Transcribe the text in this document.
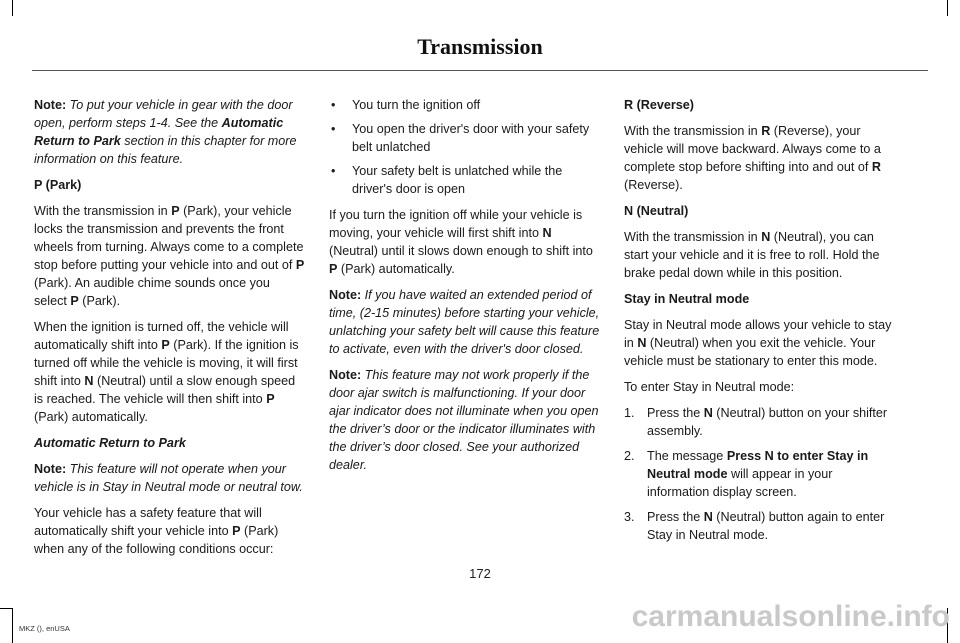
Transmission

Note: To put your vehicle in gear with the door open, perform steps 1-4. See the Automatic Return to Park section in this chapter for more information on this feature.

P (Park)

With the transmission in P (Park), your vehicle locks the transmission and prevents the front wheels from turning. Always come to a complete stop before putting your vehicle into and out of P (Park). An audible chime sounds once you select P (Park).

When the ignition is turned off, the vehicle will automatically shift into P (Park). If the ignition is turned off while the vehicle is moving, it will first shift into N (Neutral) until a slow enough speed is reached. The vehicle will then shift into P (Park) automatically.

Automatic Return to Park

Note: This feature will not operate when your vehicle is in Stay in Neutral mode or neutral tow.

Your vehicle has a safety feature that will automatically shift your vehicle into P (Park) when any of the following conditions occur:

• You turn the ignition off
• You open the driver's door with your safety belt unlatched
• Your safety belt is unlatched while the driver's door is open

If you turn the ignition off while your vehicle is moving, your vehicle will first shift into N (Neutral) until it slows down enough to shift into P (Park) automatically.

Note: If you have waited an extended period of time, (2-15 minutes) before starting your vehicle, unlatching your safety belt will cause this feature to activate, even with the driver's door closed.

Note: This feature may not work properly if the door ajar switch is malfunctioning. If your door ajar indicator does not illuminate when you open the driver’s door or the indicator illuminates with the driver’s door closed. See your authorized dealer.

R (Reverse)

With the transmission in R (Reverse), your vehicle will move backward. Always come to a complete stop before shifting into and out of R (Reverse).

N (Neutral)

With the transmission in N (Neutral), you can start your vehicle and it is free to roll. Hold the brake pedal down while in this position.

Stay in Neutral mode

Stay in Neutral mode allows your vehicle to stay in N (Neutral) when you exit the vehicle. Your vehicle must be stationary to enter this mode.

To enter Stay in Neutral mode:

1. Press the N (Neutral) button on your shifter assembly.
2. The message Press N to enter Stay in Neutral mode will appear in your information display screen.
3. Press the N (Neutral) button again to enter Stay in Neutral mode.
172
MKZ (), enUSA	carmanualsonline.info
